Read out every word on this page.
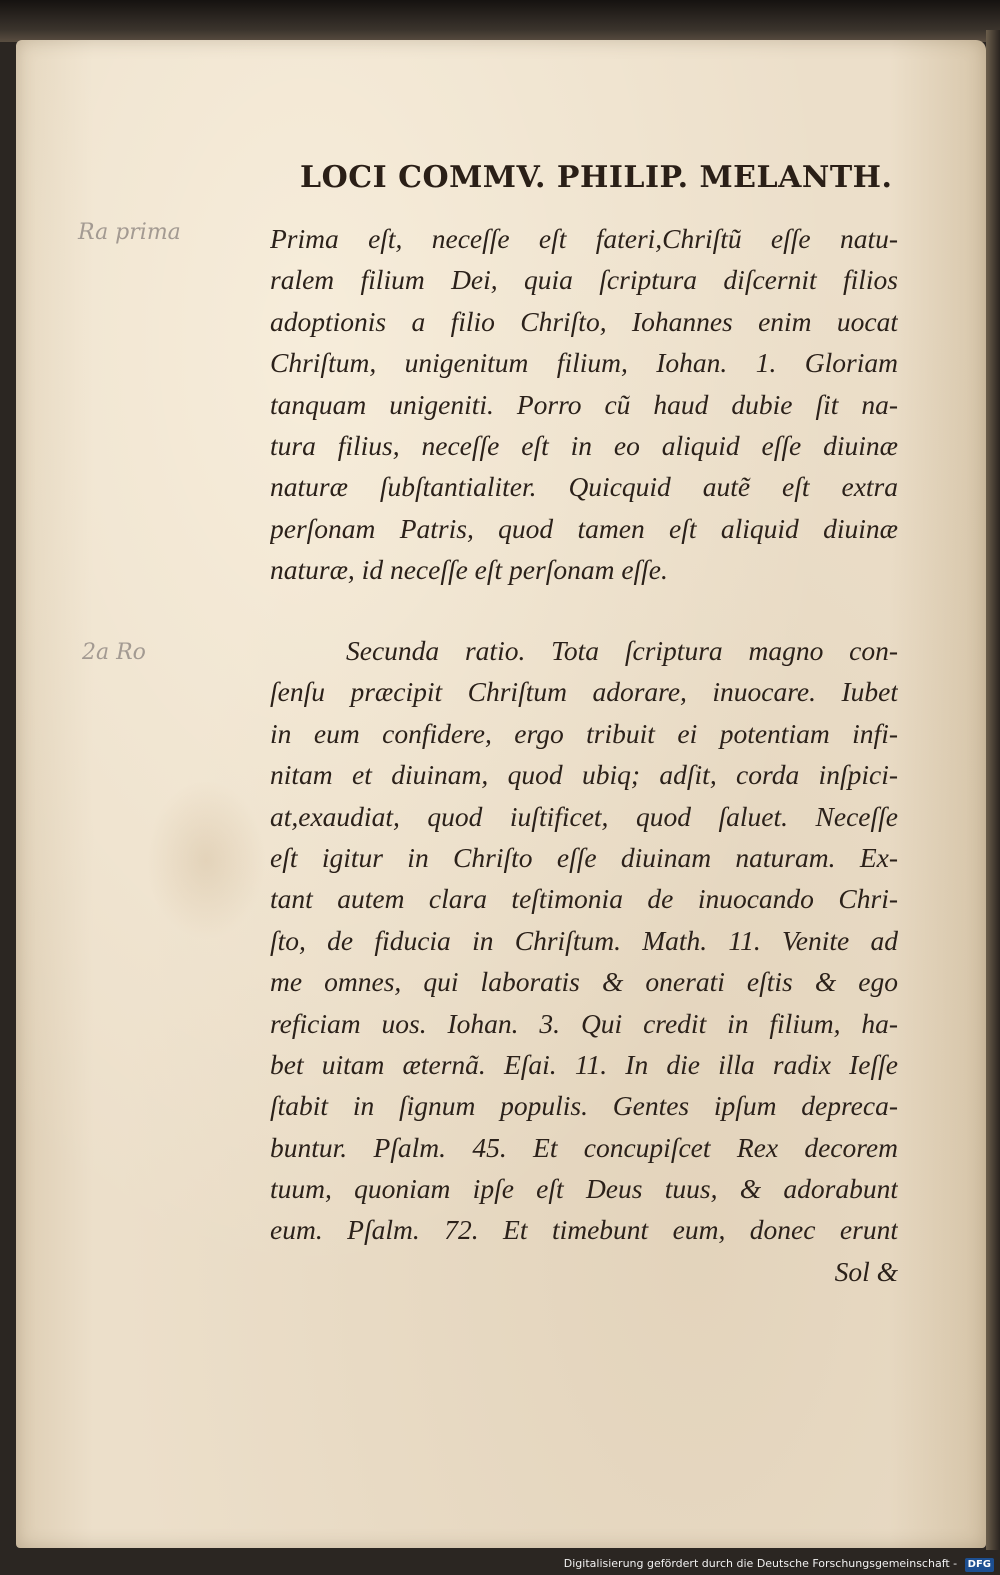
LOCI COMMV. PHILIP. MELANTH.
Ra prima
2a Ro
Prima eſt, neceſſe eſt fateri,Chriſtũ eſſe natu-
ralem filium Dei, quia ſcriptura diſcernit filios
adoptionis a filio Chriſto, Iohannes enim uocat
Chriſtum, unigenitum filium, Iohan. 1. Gloriam
tanquam unigeniti. Porro cũ haud dubie ſit na-
tura filius, neceſſe eſt in eo aliquid eſſe diuinæ
naturæ ſubſtantialiter. Quicquid autẽ eſt extra
perſonam Patris, quod tamen eſt aliquid diuinæ
naturæ, id neceſſe eſt perſonam eſſe.
Secunda ratio. Tota ſcriptura magno con-
ſenſu præcipit Chriſtum adorare, inuocare. Iubet
in eum confidere, ergo tribuit ei potentiam infi-
nitam et diuinam, quod ubiq; adſit, corda inſpici-
at,exaudiat, quod iuſtificet, quod ſaluet. Neceſſe
eſt igitur in Chriſto eſſe diuinam naturam. Ex-
tant autem clara teſtimonia de inuocando Chri-
ſto, de fiducia in Chriſtum. Math. 11. Venite ad
me omnes, qui laboratis & onerati eſtis & ego
reficiam uos. Iohan. 3. Qui credit in filium, ha-
bet uitam æternã. Eſai. 11. In die illa radix Ieſſe
ſtabit in ſignum populis. Gentes ipſum depreca-
buntur. Pſalm. 45. Et concupiſcet Rex decorem
tuum, quoniam ipſe eſt Deus tuus, & adorabunt
eum. Pſalm. 72. Et timebunt eum, donec erunt
Sol &
Digitalisierung gefördert durch die Deutsche Forschungsgemeinschaft - DFG
